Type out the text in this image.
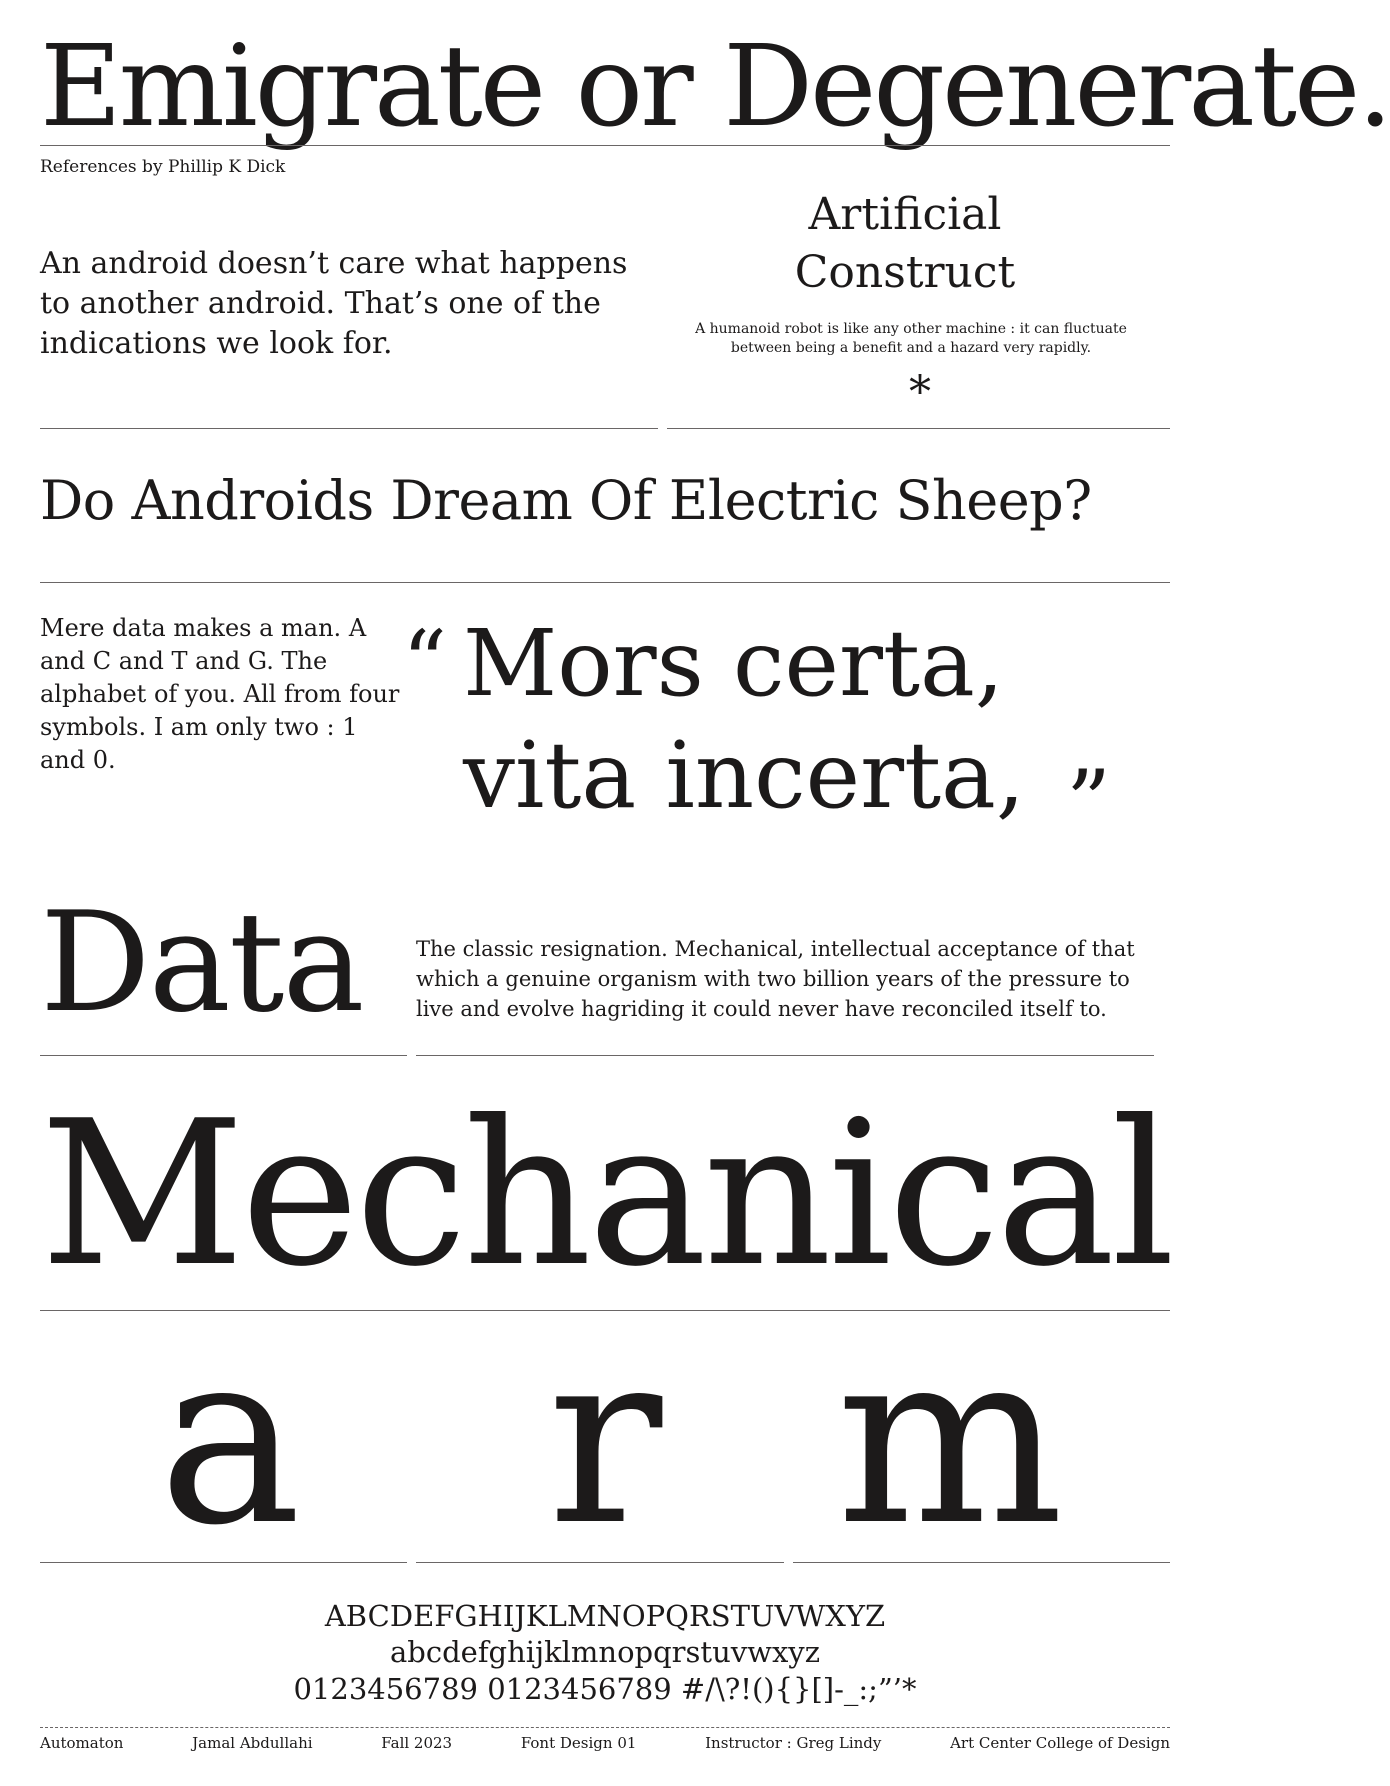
Emigrate or Degenerate.
References by Phillip K Dick
An android doesn’t care what happens to another android. That’s one of the indications we look for.
Artificial
Construct
A humanoid robot is like any other machine : it can fluctuate between being a benefit and a hazard very rapidly.
*
Do Androids Dream Of Electric Sheep?
Mere data makes a man. A and C and T and G. The alphabet of you. All from four symbols. I am only two : 1 and 0.
“ Mors certa,
vita incerta, ”
Data	The classic resignation. Mechanical, intellectual acceptance of that which a genuine organism with two billion years of the pressure to live and evolve hagriding it could never have reconciled itself to.
Mechanical
a	r m
ABCDEFGHIJKLMNOPQRSTUVWXYZ
abcdefghijklmnopqrstuvwxyz
0123456789 0123456789 #/\?!(){}[]-_:;”’*
Automaton	Jamal Abdullahi	Fall 2023	Font Design 01	Instructor : Greg Lindy	Art Center College of Design
